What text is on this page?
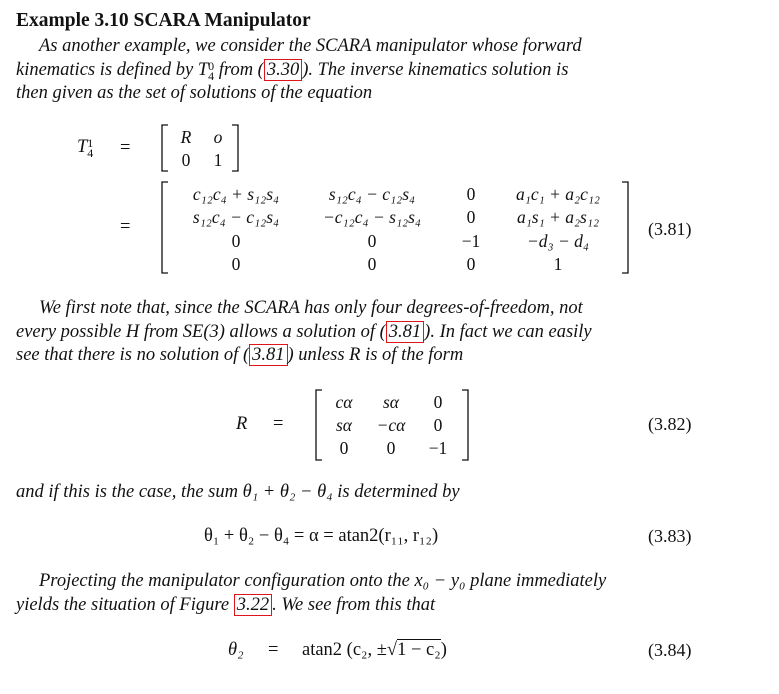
Example 3.10 SCARA Manipulator
As another example, we consider the SCARA manipulator whose forward
kinematics is defined by T 0
4 from ( 3.30 ). The inverse kinematics solution is
then given as the set of solutions of the equation
T 1
4 =
R	o
0	1
=
c₁₂c₄ + s₁₂s₄	s₁₂c₄ − c₁₂s₄	0	a₁c₁ + a₂c₁₂
s₁₂c₄ − c₁₂s₄	−c₁₂c₄ − s₁₂s₄	0	a₁s₁ + a₂s₁₂
0	0	−1	−d₃ − d₄
0	0	0	1
(3.81)
We first note that, since the SCARA has only four degrees-of-freedom, not
every possible H from SE(3) allows a solution of ( 3.81 ). In fact we can easily
see that there is no solution of ( 3.81 ) unless R is of the form
R =
cα	sα	0
sα	−cα	0
0	0	−1
(3.82)
and if this is the case, the sum θ₁ + θ₂ − θ₄ is determined by
θ₁ + θ₂ − θ₄ = α = atan2(r₁₁, r₁₂)	(3.83)
Projecting the manipulator configuration onto the x₀ − y₀ plane immediately
yields the situation of Figure 3.22 . We see from this that
θ₂ = atan2 (c₂, ±√1 − c₂)	(3.84)
